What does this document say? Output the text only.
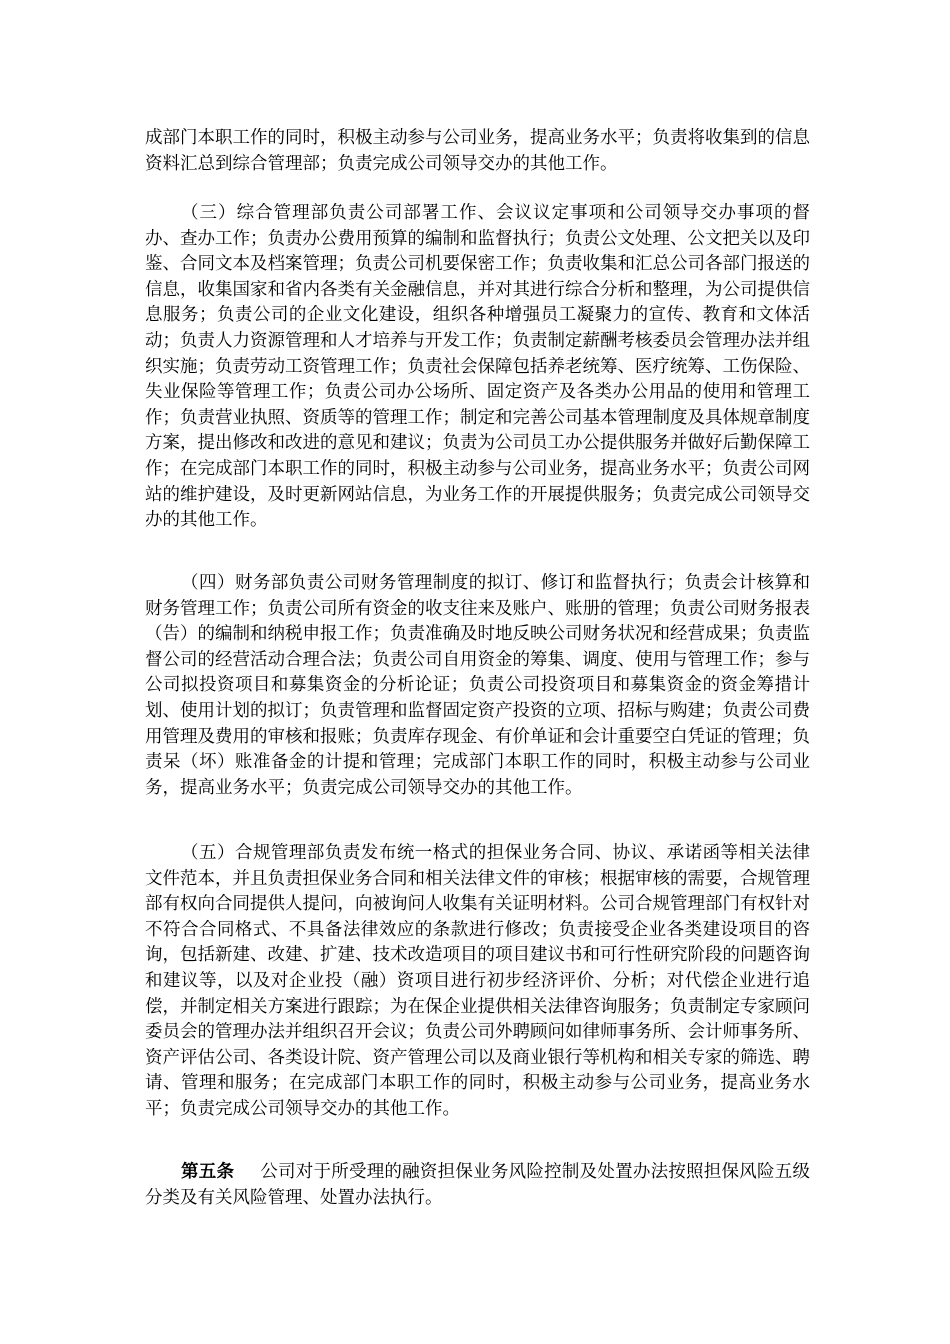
成部门本职工作的同时，积极主动参与公司业务，提高业务水平；负责将收集到的信息资料汇总到综合管理部；负责完成公司领导交办的其他工作。

（三）综合管理部负责公司部署工作、会议议定事项和公司领导交办事项的督办、查办工作；负责办公费用预算的编制和监督执行；负责公文处理、公文把关以及印鉴、合同文本及档案管理；负责公司机要保密工作；负责收集和汇总公司各部门报送的信息，收集国家和省内各类有关金融信息，并对其进行综合分析和整理，为公司提供信息服务；负责公司的企业文化建设，组织各种增强员工凝聚力的宣传、教育和文体活动；负责人力资源管理和人才培养与开发工作；负责制定薪酬考核委员会管理办法并组织实施；负责劳动工资管理工作；负责社会保障包括养老统筹、医疗统筹、工伤保险、失业保险等管理工作；负责公司办公场所、固定资产及各类办公用品的使用和管理工作；负责营业执照、资质等的管理工作；制定和完善公司基本管理制度及具体规章制度方案，提出修改和改进的意见和建议；负责为公司员工办公提供服务并做好后勤保障工作；在完成部门本职工作的同时，积极主动参与公司业务，提高业务水平；负责公司网站的维护建设，及时更新网站信息，为业务工作的开展提供服务；负责完成公司领导交办的其他工作。

（四）财务部负责公司财务管理制度的拟订、修订和监督执行；负责会计核算和财务管理工作；负责公司所有资金的收支往来及账户、账册的管理；负责公司财务报表（告）的编制和纳税申报工作；负责准确及时地反映公司财务状况和经营成果；负责监督公司的经营活动合理合法；负责公司自用资金的筹集、调度、使用与管理工作；参与公司拟投资项目和募集资金的分析论证；负责公司投资项目和募集资金的资金筹措计划、使用计划的拟订；负责管理和监督固定资产投资的立项、招标与购建；负责公司费用管理及费用的审核和报账；负责库存现金、有价单证和会计重要空白凭证的管理；负责呆（坏）账准备金的计提和管理；完成部门本职工作的同时，积极主动参与公司业务，提高业务水平；负责完成公司领导交办的其他工作。

（五）合规管理部负责发布统一格式的担保业务合同、协议、承诺函等相关法律文件范本，并且负责担保业务合同和相关法律文件的审核；根据审核的需要，合规管理部有权向合同提供人提问，向被询问人收集有关证明材料。公司合规管理部门有权针对不符合合同格式、不具备法律效应的条款进行修改；负责接受企业各类建设项目的咨询，包括新建、改建、扩建、技术改造项目的项目建议书和可行性研究阶段的问题咨询和建议等，以及对企业投（融）资项目进行初步经济评价、分析；对代偿企业进行追偿，并制定相关方案进行跟踪；为在保企业提供相关法律咨询服务；负责制定专家顾问委员会的管理办法并组织召开会议；负责公司外聘顾问如律师事务所、会计师事务所、资产评估公司、各类设计院、资产管理公司以及商业银行等机构和相关专家的筛选、聘请、管理和服务；在完成部门本职工作的同时，积极主动参与公司业务，提高业务水平；负责完成公司领导交办的其他工作。

第五条 公司对于所受理的融资担保业务风险控制及处置办法按照担保风险五级分类及有关风险管理、处置办法执行。
